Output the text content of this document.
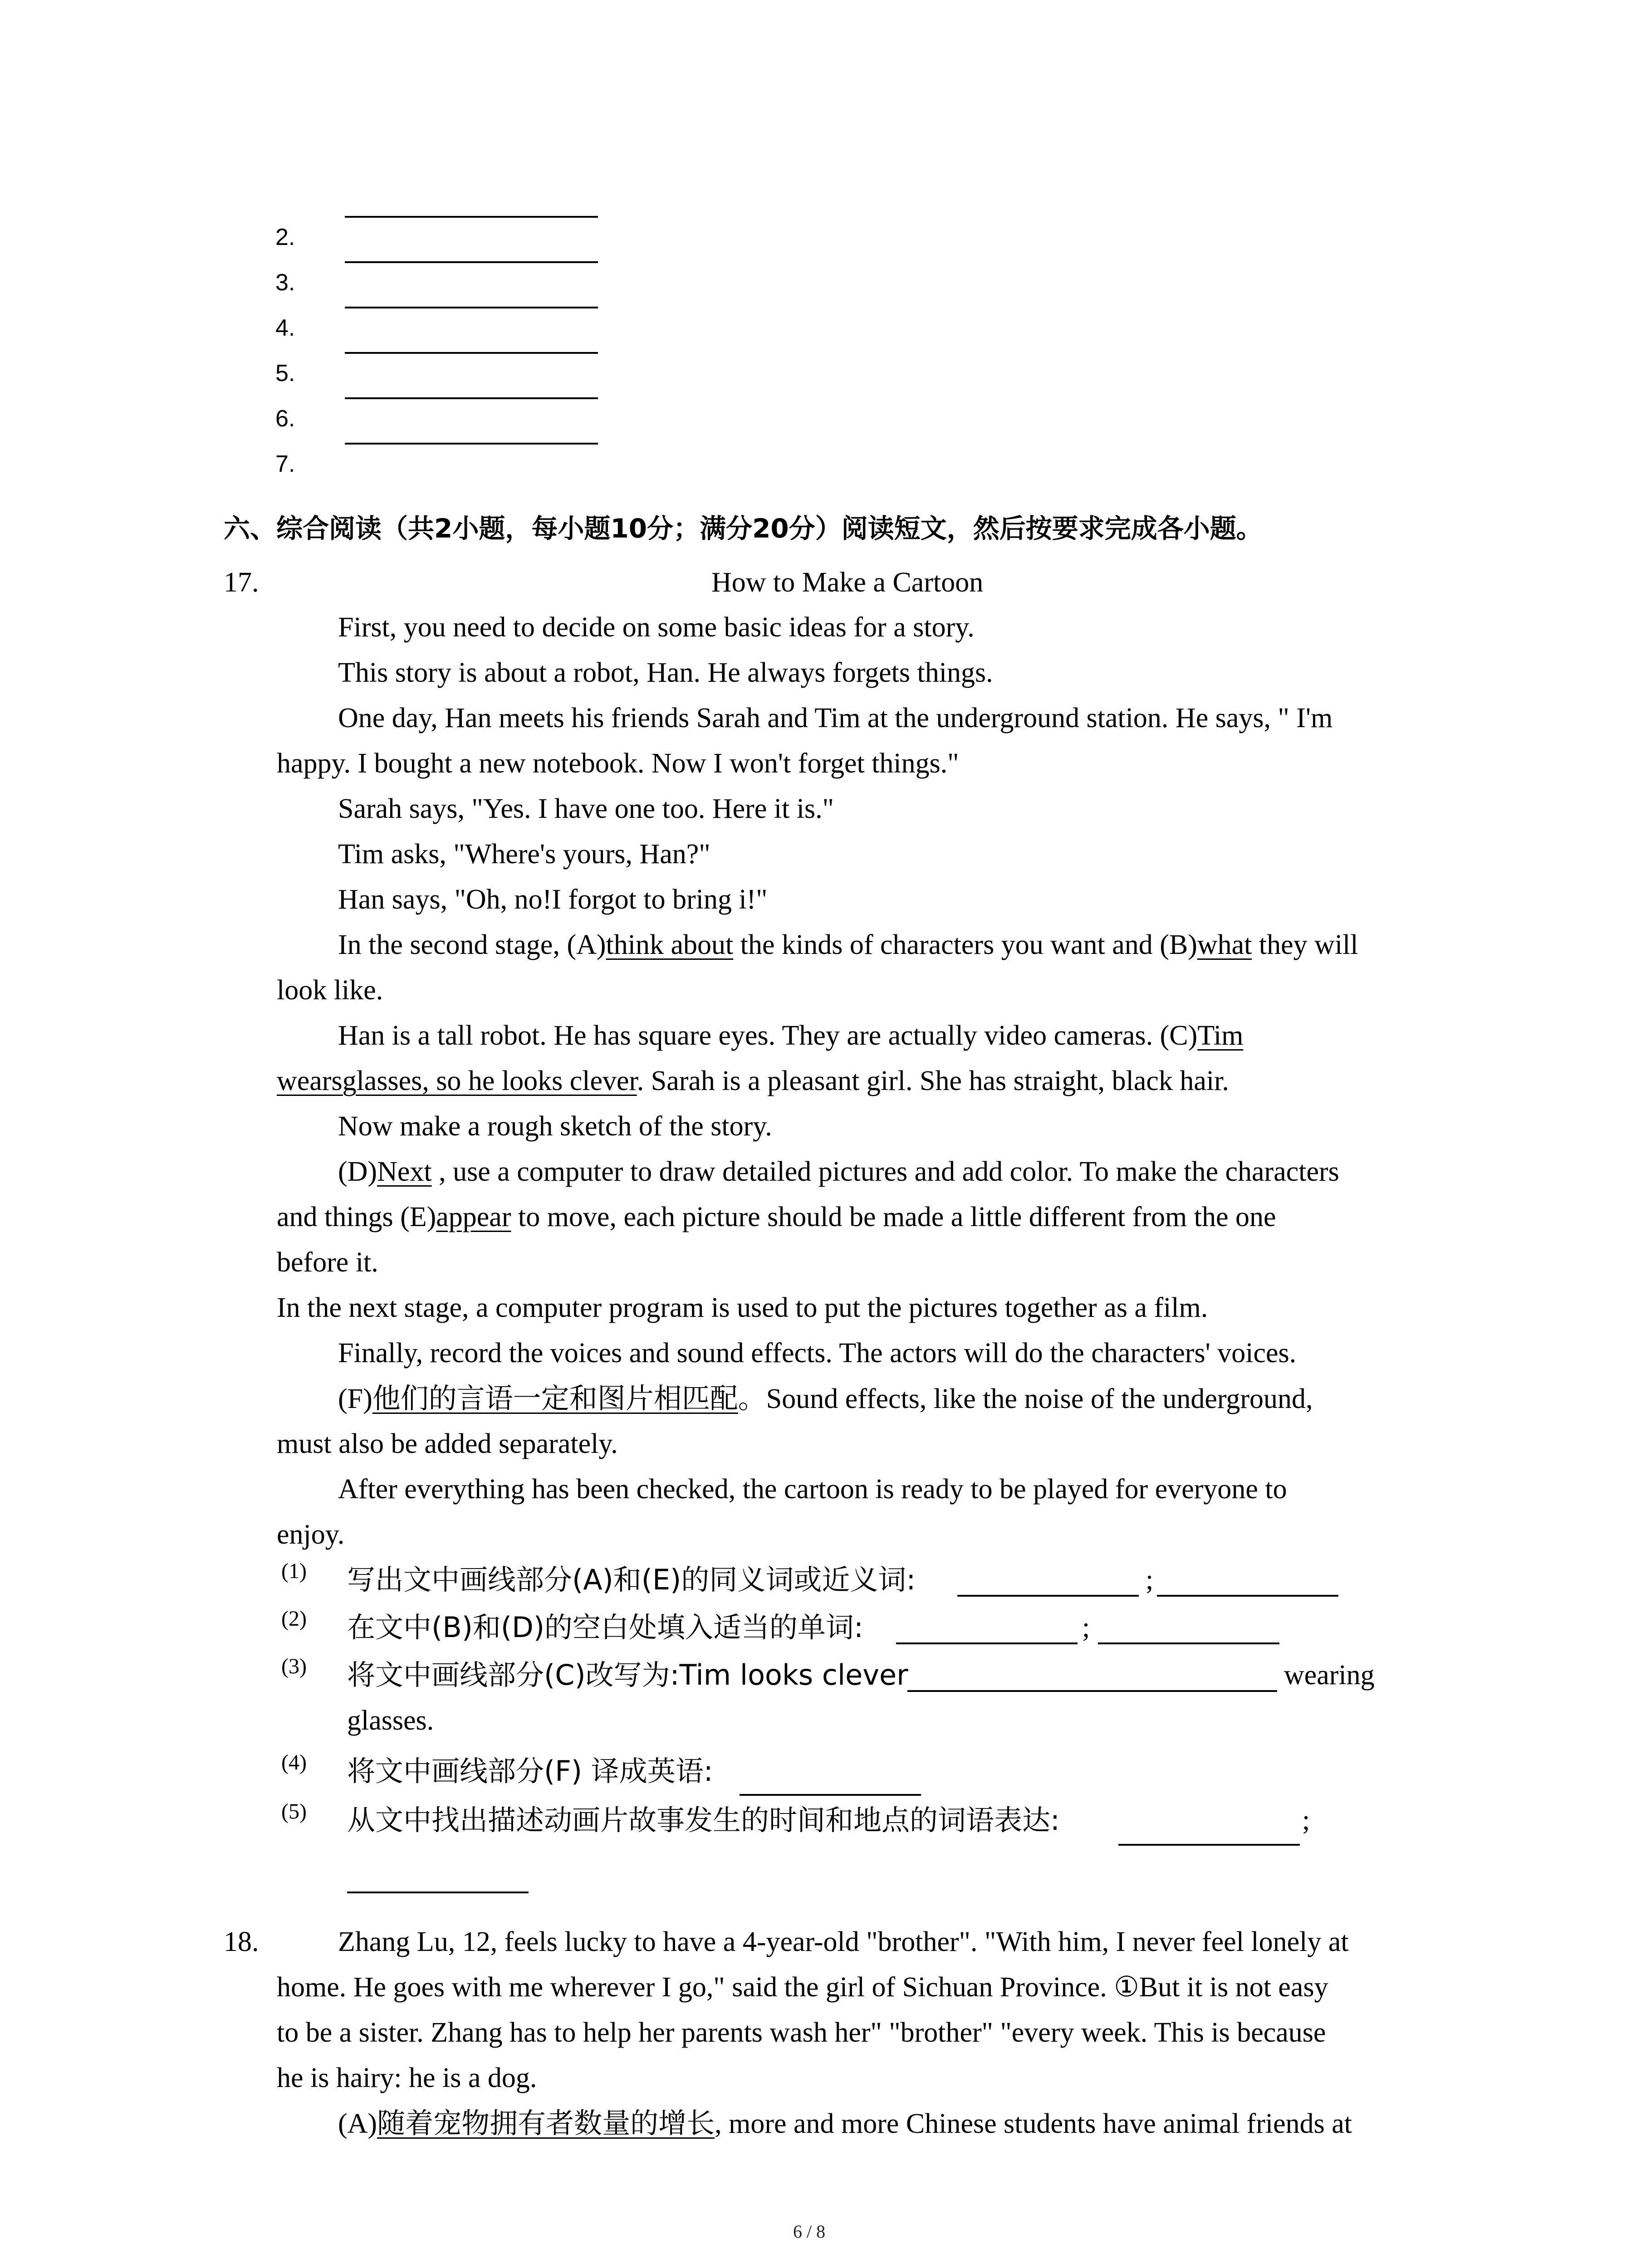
2.
3.
4.
5.
6.
7.
六、综合阅读（共2小题，每小题10分；满分20分）阅读短文，然后按要求完成各小题。
17.	How to Make a Cartoon
First, you need to decide on some basic ideas for a story.
This story is about a robot, Han. He always forgets things.
One day, Han meets his friends Sarah and Tim at the underground station. He says, " I'm
happy. I bought a new notebook. Now I won't forget things."
Sarah says, "Yes. I have one too. Here it is."
Tim asks, "Where's yours, Han?"
Han says, "Oh, no!I forgot to bring i!"
In the second stage, (A)think about the kinds of characters you want and (B)what they will
look like.
Han is a tall robot. He has square eyes. They are actually video cameras. (C)Tim
wearsglasses, so he looks clever. Sarah is a pleasant girl. She has straight, black hair.
Now make a rough sketch of the story.
(D)Next , use a computer to draw detailed pictures and add color. To make the characters
and things (E)appear to move, each picture should be made a little different from the one
before it.
In the next stage, a computer program is used to put the pictures together as a film.
Finally, record the voices and sound effects. The actors will do the characters' voices.
(F)他们的言语一定和图片相匹配。Sound effects, like the noise of the underground,
must also be added separately.
After everything has been checked, the cartoon is ready to be played for everyone to
enjoy.
(1) 写出文中画线部分(A)和(E)的同义词或近义词:	;
(2) 在文中(B)和(D)的空白处填入适当的单词:	;
(3) 将文中画线部分(C)改写为:Tim looks clever	wearing
glasses.
(4) 将文中画线部分(F) 译成英语:
(5) 从文中找出描述动画片故事发生的时间和地点的词语表达:	;
18.	Zhang Lu, 12, feels lucky to have a 4-year-old "brother". "With him, I never feel lonely at
home. He goes with me wherever I go," said the girl of Sichuan Province. ①But it is not easy
to be a sister. Zhang has to help her parents wash her" "brother" "every week. This is because
he is hairy: he is a dog.
(A)随着宠物拥有者数量的增长, more and more Chinese students have animal friends at
6 / 8
